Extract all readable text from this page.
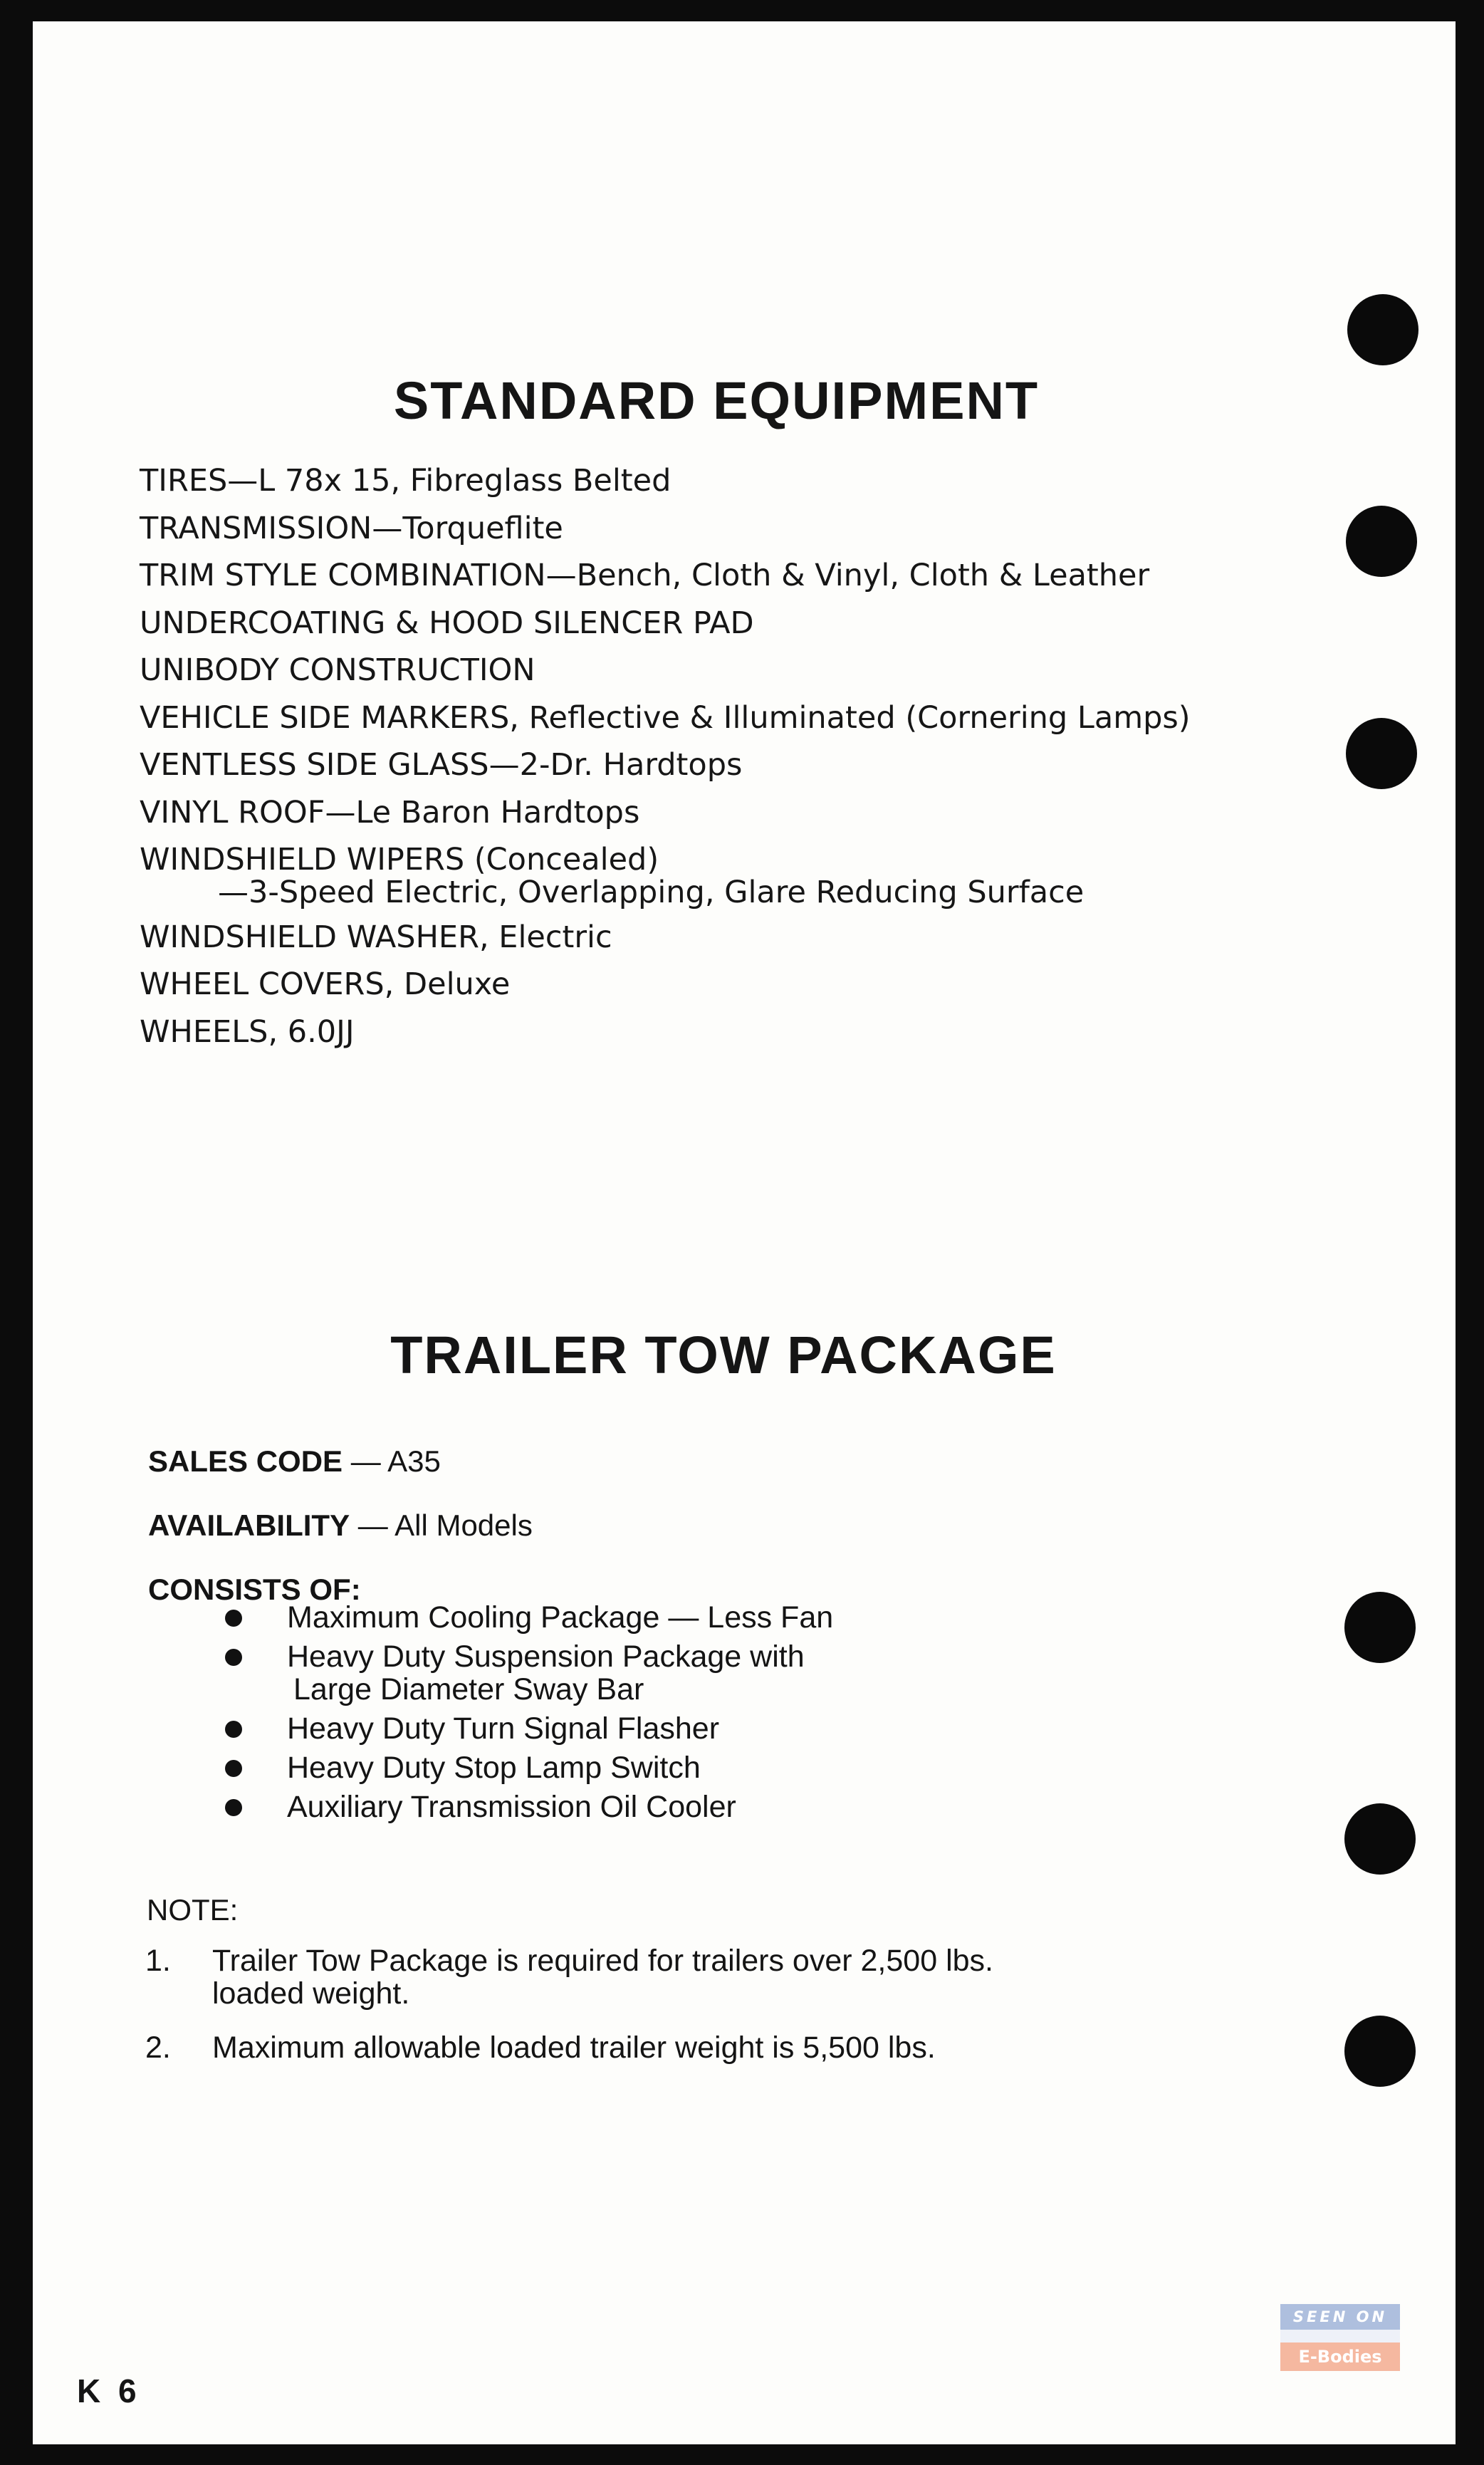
STANDARD EQUIPMENT
TIRES—L 78x 15, Fibreglass Belted
TRANSMISSION—Torqueflite
TRIM STYLE COMBINATION—Bench, Cloth & Vinyl, Cloth & Leather
UNDERCOATING & HOOD SILENCER PAD
UNIBODY CONSTRUCTION
VEHICLE SIDE MARKERS, Reflective & Illuminated (Cornering Lamps)
VENTLESS SIDE GLASS—2-Dr. Hardtops
VINYL ROOF—Le Baron Hardtops
WINDSHIELD WIPERS (Concealed)
—3-Speed Electric, Overlapping, Glare Reducing Surface
WINDSHIELD WASHER, Electric
WHEEL COVERS, Deluxe
WHEELS, 6.0JJ
TRAILER TOW PACKAGE
SALES CODE — A35
AVAILABILITY — All Models
CONSISTS OF:
Maximum Cooling Package — Less Fan
Heavy Duty Suspension Package with
Large Diameter Sway Bar
Heavy Duty Turn Signal Flasher
Heavy Duty Stop Lamp Switch
Auxiliary Transmission Oil Cooler
NOTE:
1. Trailer Tow Package is required for trailers over 2,500 lbs.
loaded weight.
2. Maximum allowable loaded trailer weight is 5,500 lbs.
K 6
SEEN ON
E-Bodies
